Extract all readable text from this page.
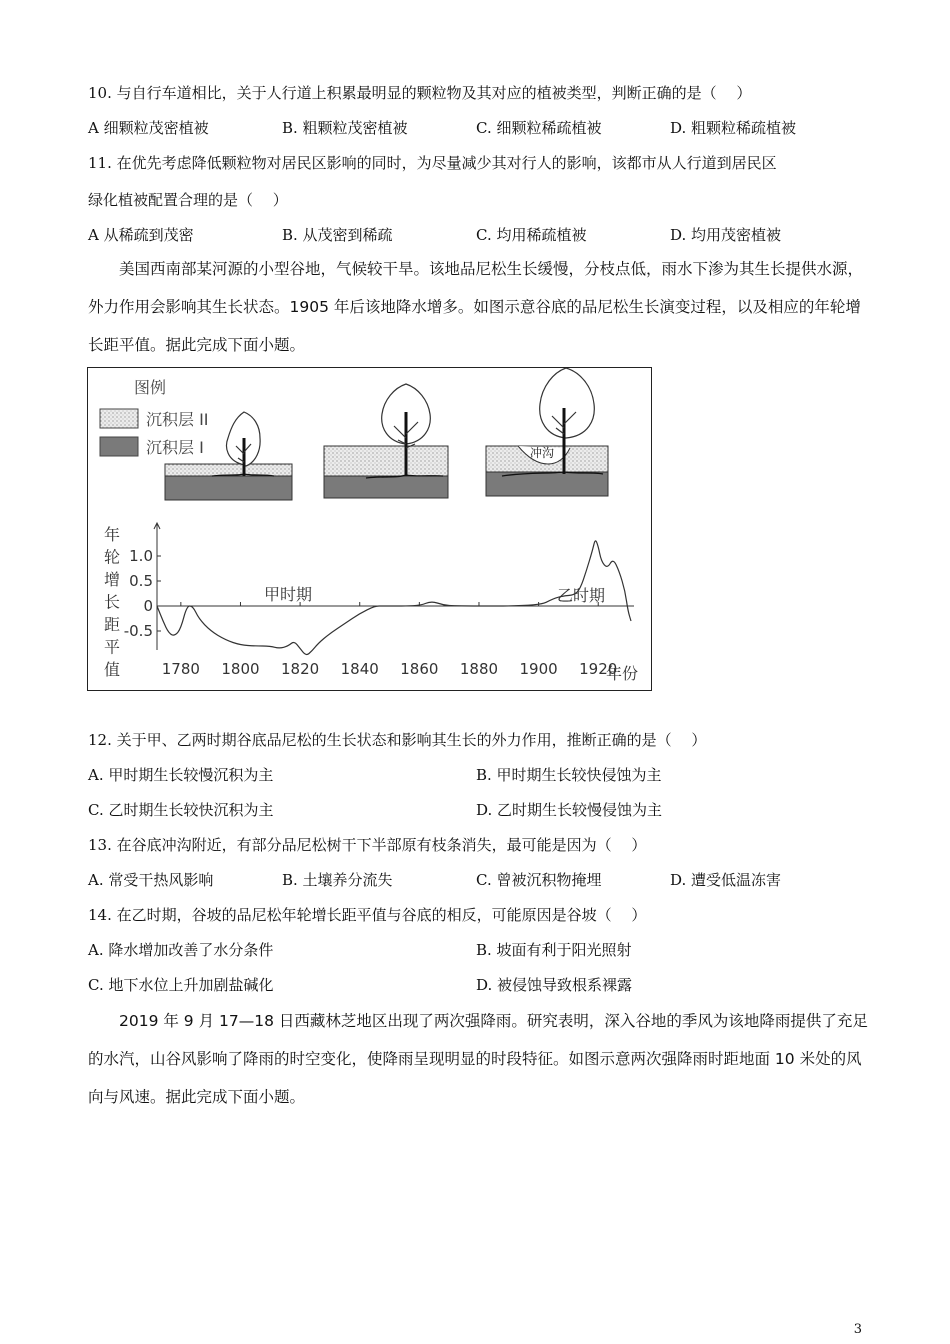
10. 与自行车道相比，关于人行道上积累最明显的颗粒物及其对应的植被类型，判断正确的是（　 ）
A 细颗粒茂密植被	B. 粗颗粒茂密植被	C. 细颗粒稀疏植被	D. 粗颗粒稀疏植被
11. 在优先考虑降低颗粒物对居民区影响的同时，为尽量减少其对行人的影响，该都市从人行道到居民区
绿化植被配置合理的是（　 ）
A 从稀疏到茂密	B. 从茂密到稀疏	C. 均用稀疏植被	D. 均用茂密植被
美国西南部某河源的小型谷地，气候较干旱。该地品尼松生长缓慢，分枝点低，雨水下渗为其生长提供水源，外力作用会影响其生长状态。1905 年后该地降水增多。如图示意谷底的品尼松生长演变过程，以及相应的年轮增长距平值。据此完成下面小题。
图例
沉积层 II
沉积层 I	冲沟
年轮增长距平值
1.0
0.5
0
-0.5
1780 1800 1820 1840 1860 1880 1900 1920
甲时期	乙时期
年份
12. 关于甲、乙两时期谷底品尼松的生长状态和影响其生长的外力作用，推断正确的是（　 ）
A. 甲时期生长较慢沉积为主	B. 甲时期生长较快侵蚀为主
C. 乙时期生长较快沉积为主	D. 乙时期生长较慢侵蚀为主
13. 在谷底冲沟附近，有部分品尼松树干下半部原有枝条消失，最可能是因为（　 ）
A. 常受干热风影响	B. 土壤养分流失	C. 曾被沉积物掩埋	D. 遭受低温冻害
14. 在乙时期，谷坡的品尼松年轮增长距平值与谷底的相反，可能原因是谷坡（　 ）
A. 降水增加改善了水分条件	B. 坡面有利于阳光照射
C. 地下水位上升加剧盐碱化	D. 被侵蚀导致根系裸露
2019 年 9 月 17—18 日西藏林芝地区出现了两次强降雨。研究表明，深入谷地的季风为该地降雨提供了充足的水汽，山谷风影响了降雨的时空变化，使降雨呈现明显的时段特征。如图示意两次强降雨时距地面 10 米处的风向与风速。据此完成下面小题。
3
